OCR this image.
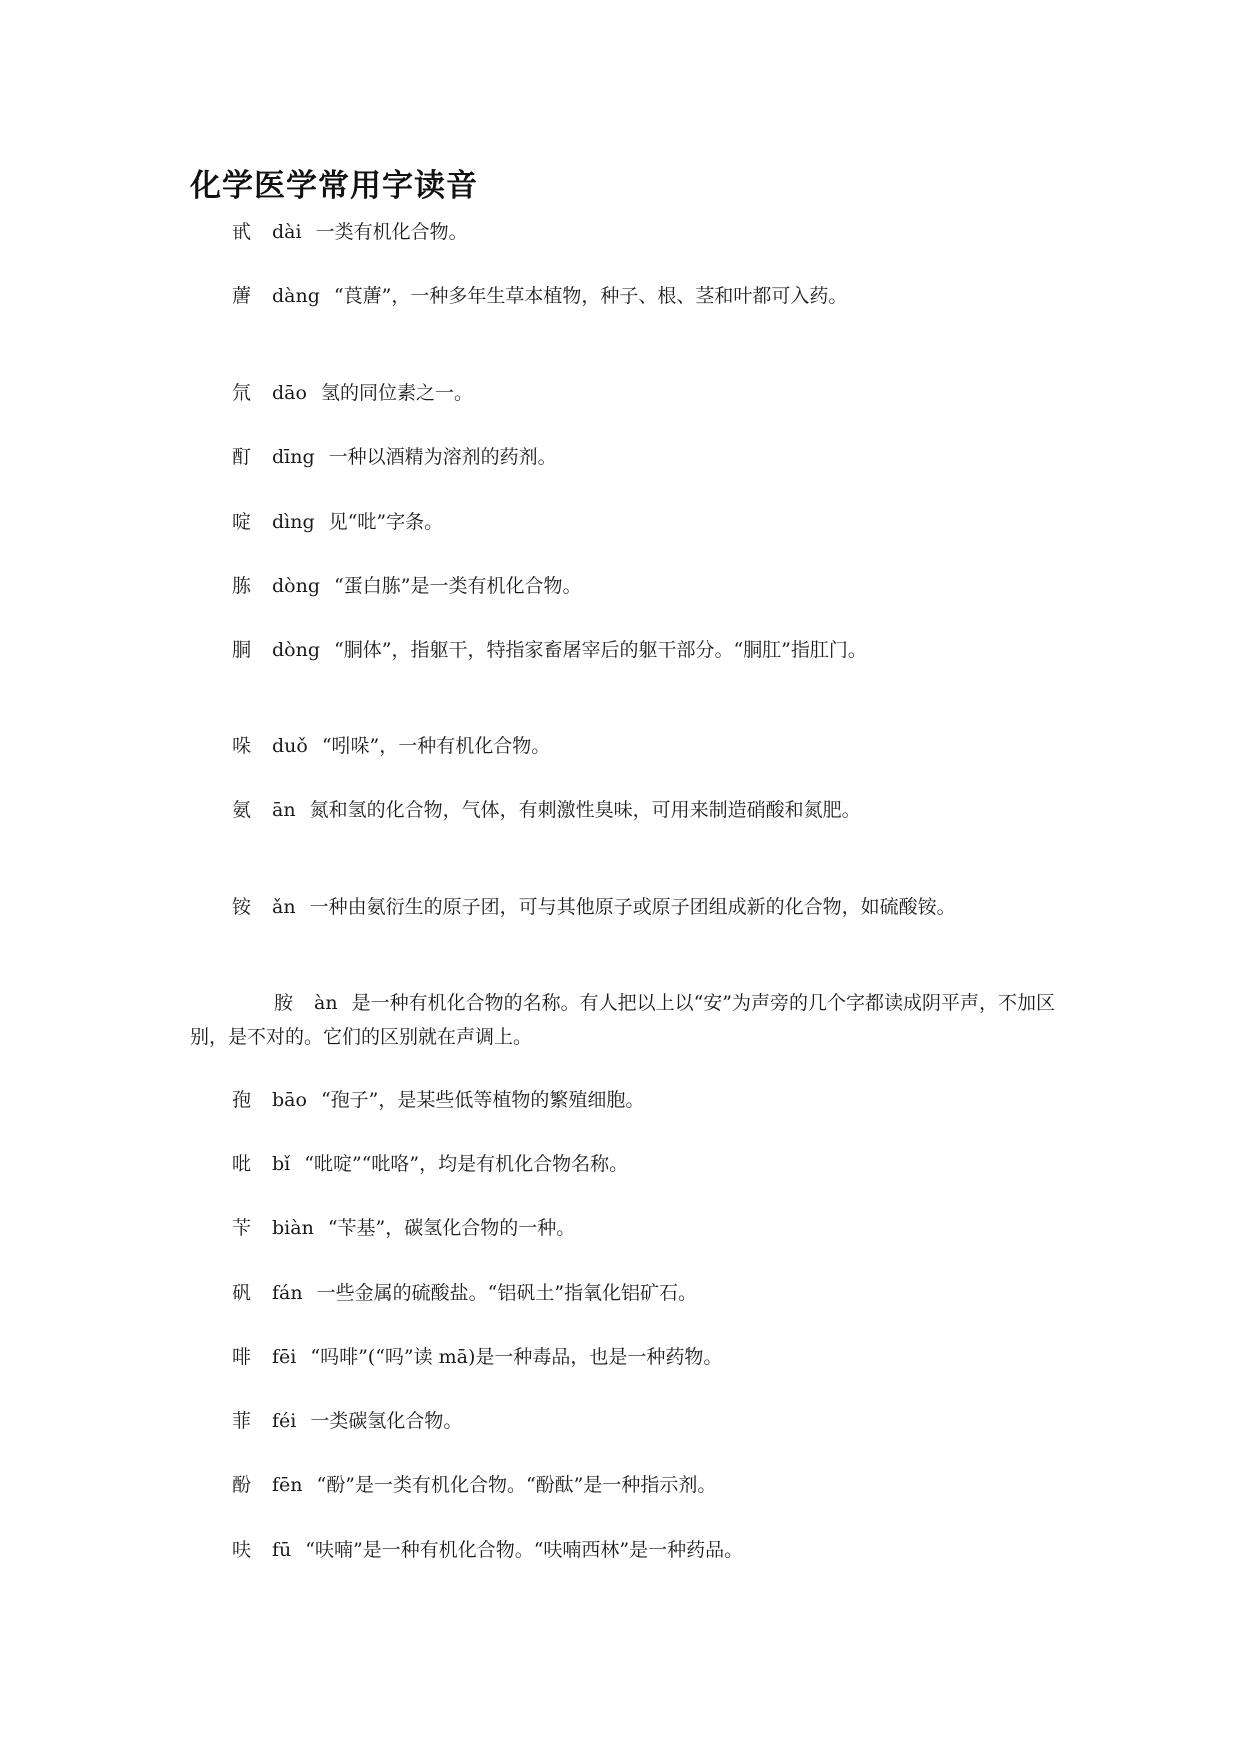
化学医学常用字读音
甙 dài 一类有机化合物。
蓎 dàng “莨蓎”，一种多年生草本植物，种子、根、茎和叶都可入药。
氘 dāo 氢的同位素之一。
酊 dīng 一种以酒精为溶剂的药剂。
啶 dìng 见“吡”字条。
胨 dòng “蛋白胨”是一类有机化合物。
胴 dòng “胴体”，指躯干，特指家畜屠宰后的躯干部分。“胴肛”指肛门。
哚 duǒ “吲哚”，一种有机化合物。
氨 ān 氮和氢的化合物，气体，有刺激性臭味，可用来制造硝酸和氮肥。
铵 ǎn 一种由氨衍生的原子团，可与其他原子或原子团组成新的化合物，如硫酸铵。
胺 àn 是一种有机化合物的名称。有人把以上以“安”为声旁的几个字都读成阴平声，不加区别，是不对的。它们的区别就在声调上。
孢 bāo “孢子”，是某些低等植物的繁殖细胞。
吡 bǐ “吡啶”“吡咯”，均是有机化合物名称。
苄 biàn “苄基”，碳氢化合物的一种。
矾 fán 一些金属的硫酸盐。“铝矾土”指氧化铝矿石。
啡 fēi “吗啡”(“吗”读 mā)是一种毒品，也是一种药物。
菲 féi 一类碳氢化合物。
酚 fēn “酚”是一类有机化合物。“酚酞”是一种指示剂。
呋 fū “呋喃”是一种有机化合物。“呋喃西林”是一种药品。
